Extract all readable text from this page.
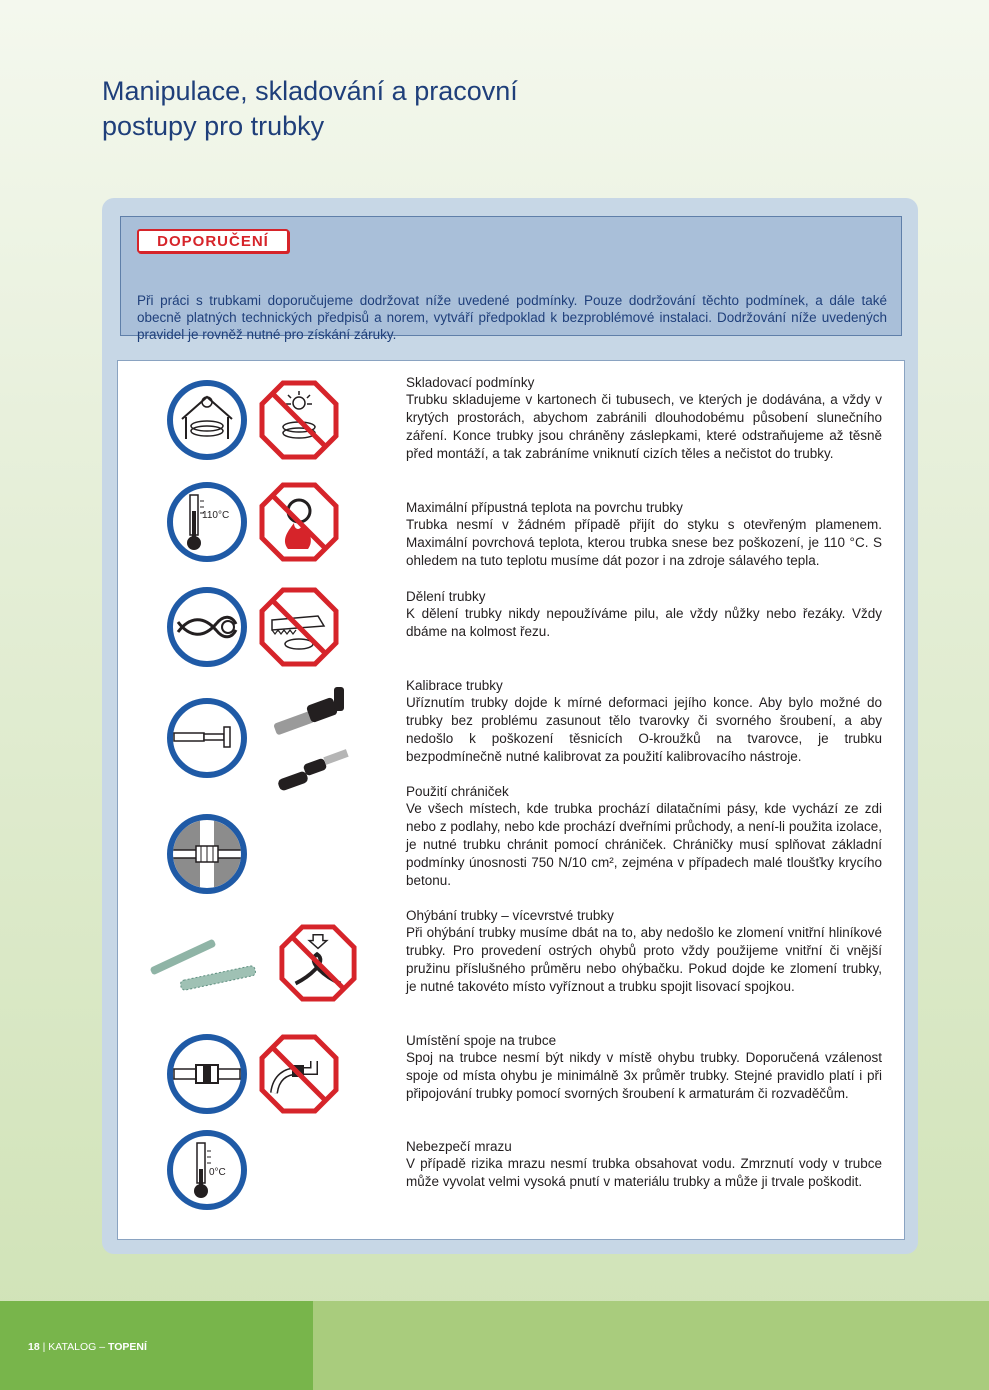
Manipulace, skladování a pracovní
postupy pro trubky
DOPORUČENÍ

Při práci s trubkami doporučujeme dodržovat níže uvedené podmínky. Pouze dodržování těchto podmínek, a dále také obecně platných technických předpisů a norem, vytváří předpoklad k bezproblémové instalaci. Dodržování níže uvedených pravidel je rovněž nutné pro získání záruky.

Skladovací podmínky

Trubku skladujeme v kartonech či tubusech, ve kterých je dodávána, a vždy v krytých prostorách, abychom zabránili dlouhodobému působení slunečního záření. Konce trubky jsou chráněny záslepkami, které odstraňujeme až těsně před montáží, a tak zabráníme vniknutí cizích těles a nečistot do trubky.

110°C
Maximální přípustná teplota na povrchu trubky

Trubka nesmí v žádném případě přijít do styku s otevřeným plamenem. Maximální povrchová teplota, kterou trubka snese bez poškození, je 110 °C. S ohledem na tuto teplotu musíme dát pozor i na zdroje sálavého tepla.

Dělení trubky

K dělení trubky nikdy nepoužíváme pilu, ale vždy nůžky nebo řezáky. Vždy dbáme na kolmost řezu.

Kalibrace trubky

Uříznutím trubky dojde k mírné deformaci jejího konce. Aby bylo možné do trubky bez problému zasunout tělo tvarovky či svorného šroubení, a aby nedošlo k poškození těsnicích O-kroužků na tvarovce, je trubku bezpodmínečně nutné kalibrovat za použití kalibrovacího nástroje.

Použití chrániček

Ve všech místech, kde trubka prochází dilatačními pásy, kde vychází ze zdi nebo z podlahy, nebo kde prochází dveřními průchody, a není-li použita izolace, je nutné trubku chránit pomocí chrániček. Chráničky musí splňovat základní podmínky únosnosti 750 N/10 cm², zejména v případech malé tloušťky krycího betonu.

Ohýbání trubky – vícevrstvé trubky

Při ohýbání trubky musíme dbát na to, aby nedošlo ke zlomení vnitřní hliníkové trubky. Pro provedení ostrých ohybů proto vždy použijeme vnitřní či vnější pružinu příslušného průměru nebo ohýbačku. Pokud dojde ke zlomení trubky, je nutné takovéto místo vyříznout a trubku spojit lisovací spojkou.

Umístění spoje na trubce

Spoj na trubce nesmí být nikdy v místě ohybu trubky. Doporučená vzálenost spoje od místa ohybu je minimálně 3x průměr trubky. Stejné pravidlo platí i při připojování trubky pomocí svorných šroubení k armaturám či rozvaděčům.

0°C
Nebezpečí mrazu

V případě rizika mrazu nesmí trubka obsahovat vodu. Zmrznutí vody v trubce může vyvolat velmi vysoká pnutí v materiálu trubky a může ji trvale poškodit.

18 | KATALOG – TOPENÍ
